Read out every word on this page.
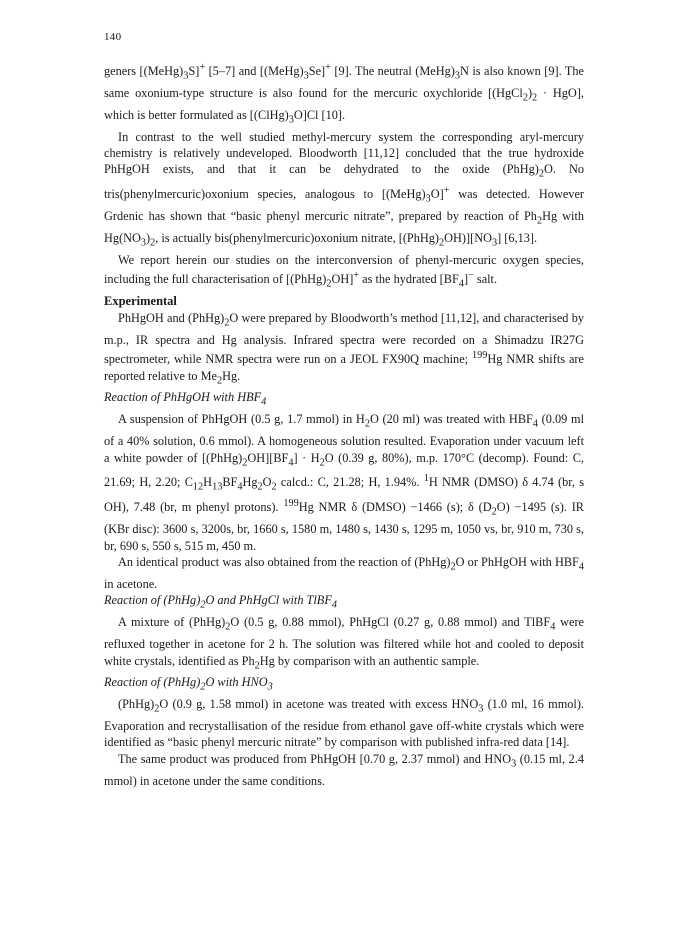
140

geners $[(MeHg)_3S]^+$ [5–7] and $[(MeHg)_3Se]^+$ [9]. The neutral $(MeHg)_3N$ is also known [9]. The same oxonium-type structure is also found for the mercuric oxychloride $[(HgCl_2)_2 \cdot HgO]$, which is better formulated as $[(ClHg)_3O]Cl$ [10].

In contrast to the well studied methyl-mercury system the corresponding aryl-mercury chemistry is relatively undeveloped. Bloodworth [11,12] concluded that the true hydroxide PhHgOH exists, and that it can be dehydrated to the oxide $(PhHg)_2O$. No tris(phenylmercuric)oxonium species, analogous to $[(MeHg)_3O]^+$ was detected. However Grdenic has shown that “basic phenyl mercuric nitrate”, prepared by reaction of $Ph_2Hg$ with $Hg(NO_3)_2$, is actually bis(phenylmercuric)oxonium nitrate, $[(PhHg)_2OH)][NO_3]$ [6,13].

We report herein our studies on the interconversion of phenyl-mercuric oxygen species, including the full characterisation of $[(PhHg)_2OH]^+$ as the hydrated $[BF_4]^-$ salt.

Experimental

PhHgOH and $(PhHg)_2O$ were prepared by Bloodworth’s method [11,12], and characterised by m.p., IR spectra and Hg analysis. Infrared spectra were recorded on a Shimadzu IR27G spectrometer, while NMR spectra were run on a JEOL FX90Q machine; $^{199}$Hg NMR shifts are reported relative to $Me_2Hg$.

Reaction of PhHgOH with $HBF_4$

A suspension of PhHgOH (0.5 g, 1.7 mmol) in $H_2O$ (20 ml) was treated with $HBF_4$ (0.09 ml of a 40% solution, 0.6 mmol). A homogeneous solution resulted. Evaporation under vacuum left a white powder of $[(PhHg)_2OH][BF_4] \cdot H_2O$ (0.39 g, 80%), m.p. 170°C (decomp). Found: C, 21.69; H, 2.20; $C_{12}H_{13}BF_4Hg_2O_2$ calcd.: C, 21.28; H, 1.94%. $^1$H NMR (DMSO) δ 4.74 (br, s OH), 7.48 (br, m phenyl protons). $^{199}$Hg NMR δ (DMSO) −1466 (s); δ $(D_2O) -1495$ (s). IR (KBr disc): 3600 s, 3200s, br, 1660 s, 1580 m, 1480 s, 1430 s, 1295 m, 1050 vs, br, 910 m, 730 s, br, 690 s, 550 s, 515 m, 450 m.

An identical product was also obtained from the reaction of $(PhHg)_2O$ or PhHgOH with $HBF_4$ in acetone.

Reaction of $(PhHg)_2O$ and PhHgCl with TlBF$_4$

A mixture of $(PhHg)_2O$ (0.5 g, 0.88 mmol), PhHgCl (0.27 g, 0.88 mmol) and TlBF$_4$ were refluxed together in acetone for 2 h. The solution was filtered while hot and cooled to deposit white crystals, identified as $Ph_2Hg$ by comparison with an authentic sample.

Reaction of $(PhHg)_2O$ with $HNO_3$

$(PhHg)_2O$ (0.9 g, 1.58 mmol) in acetone was treated with excess $HNO_3$ (1.0 ml, 16 mmol). Evaporation and recrystallisation of the residue from ethanol gave off-white crystals which were identified as “basic phenyl mercuric nitrate” by comparison with published infra-red data [14].

The same product was produced from PhHgOH [0.70 g, 2.37 mmol) and $HNO_3$ (0.15 ml, 2.4 mmol) in acetone under the same conditions.
